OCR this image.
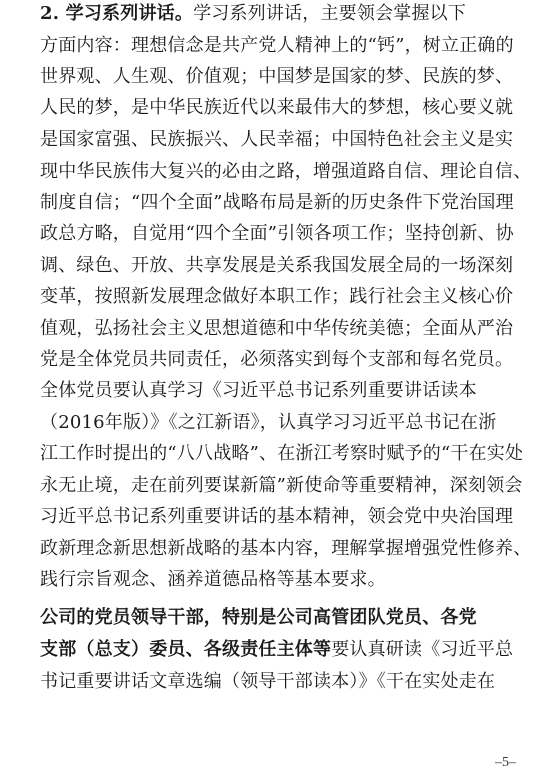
2. 学习系列讲话。学习系列讲话，主要领会掌握以下
方面内容：理想信念是共产党人精神上的“钙”，树立正确的
世界观、人生观、价值观；中国梦是国家的梦、民族的梦、
人民的梦，是中华民族近代以来最伟大的梦想，核心要义就
是国家富强、民族振兴、人民幸福；中国特色社会主义是实
现中华民族伟大复兴的必由之路，增强道路自信、理论自信、
制度自信；“四个全面”战略布局是新的历史条件下党治国理
政总方略，自觉用“四个全面”引领各项工作；坚持创新、协
调、绿色、开放、共享发展是关系我国发展全局的一场深刻
变革，按照新发展理念做好本职工作；践行社会主义核心价
值观，弘扬社会主义思想道德和中华传统美德；全面从严治
党是全体党员共同责任，必须落实到每个支部和每名党员。
全体党员要认真学习《习近平总书记系列重要讲话读本
（2016年版）》《之江新语》，认真学习习近平总书记在浙
江工作时提出的“八八战略”、在浙江考察时赋予的“干在实处
永无止境，走在前列要谋新篇”新使命等重要精神，深刻领会
习近平总书记系列重要讲话的基本精神，领会党中央治国理
政新理念新思想新战略的基本内容，理解掌握增强党性修养、
践行宗旨观念、涵养道德品格等基本要求。
公司的党员领导干部，特别是公司高管团队党员、各党
支部（总支）委员、各级责任主体等要认真研读《习近平总
书记重要讲话文章选编（领导干部读本）》《干在实处走在
–5–
